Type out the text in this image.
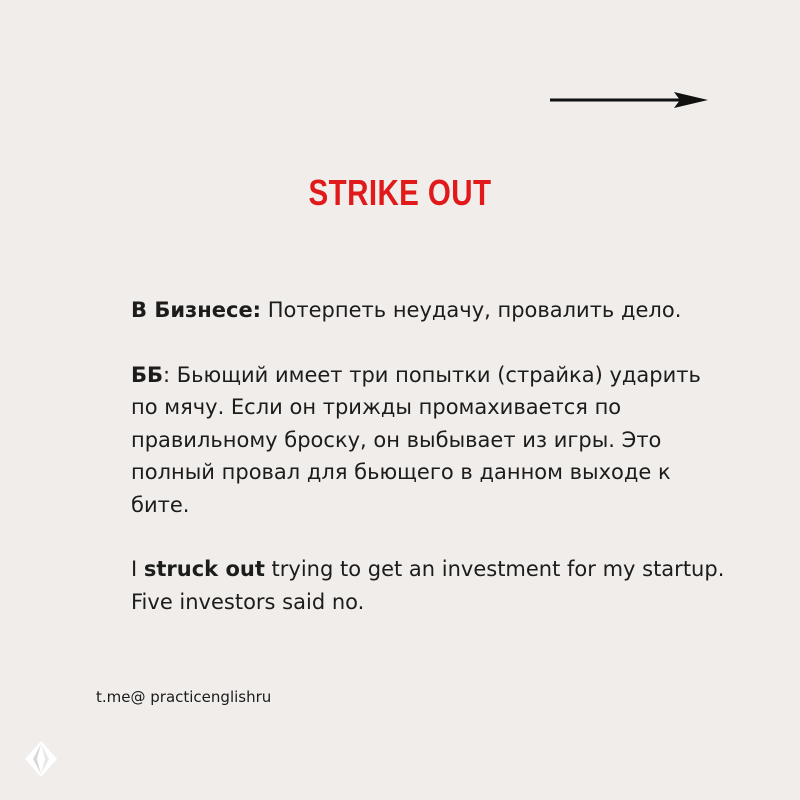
STRIKE OUT

В Бизнесе: Потерпеть неудачу, провалить дело.

ББ: Бьющий имеет три попытки (страйка) ударить по мячу. Если он трижды промахивается по правильному броску, он выбывает из игры. Это полный провал для бьющего в данном выходе к бите.

I struck out trying to get an investment for my startup. Five investors said no.

t.me@ practicenglishru
